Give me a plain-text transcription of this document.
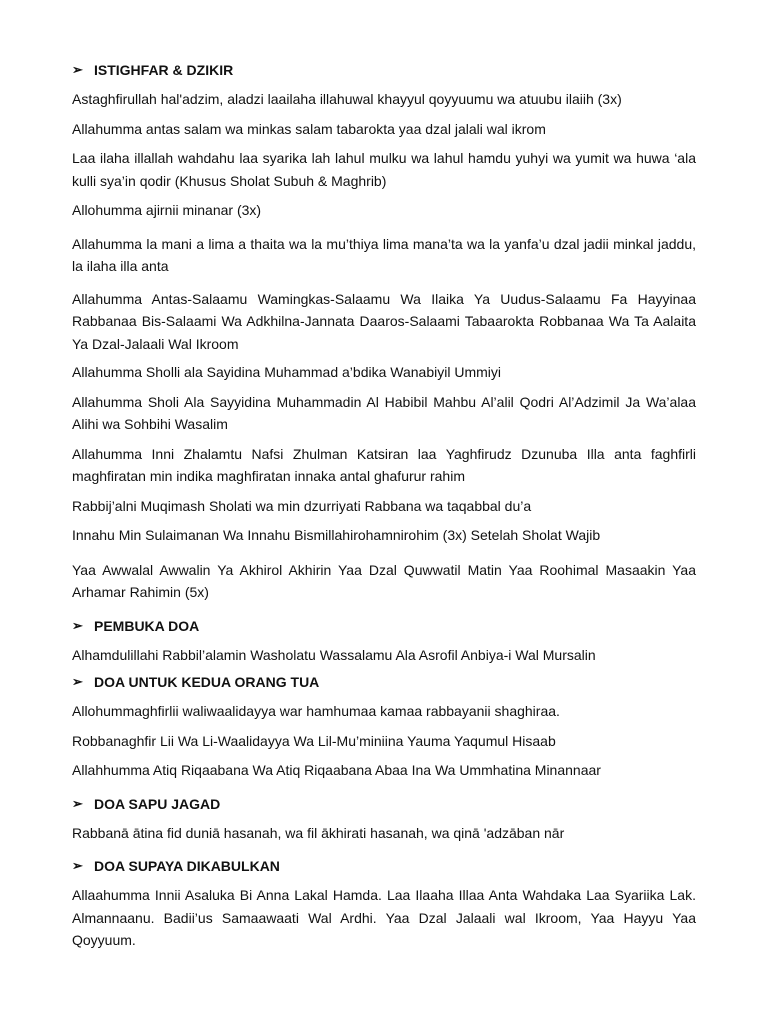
➢ ISTIGHFAR & DZIKIR

Astaghfirullah hal'adzim, aladzi laailaha illahuwal khayyul qoyyuumu wa atuubu ilaiih (3x)

Allahumma antas salam wa minkas salam tabarokta yaa dzal jalali wal ikrom

Laa ilaha illallah wahdahu laa syarika lah lahul mulku wa lahul hamdu yuhyi wa yumit wa huwa ‘ala kulli sya’in qodir (Khusus Sholat Subuh & Maghrib)

Allohumma ajirnii minanar (3x)

Allahumma la mani a lima a thaita wa la mu’thiya lima mana’ta wa la yanfa’u dzal jadii minkal jaddu, la ilaha illa anta

Allahumma Antas-Salaamu Wamingkas-Salaamu Wa Ilaika Ya Uudus-Salaamu Fa Hayyinaa Rabbanaa Bis-Salaami Wa Adkhilna-Jannata Daaros-Salaami Tabaarokta Robbanaa Wa Ta Aalaita Ya Dzal-Jalaali Wal Ikroom

Allahumma Sholli ala Sayidina Muhammad a’bdika Wanabiyil Ummiyi

Allahumma Sholi Ala Sayyidina Muhammadin Al Habibil Mahbu Al’alil Qodri Al’Adzimil Ja Wa’alaa Alihi wa Sohbihi Wasalim

Allahumma Inni Zhalamtu Nafsi Zhulman Katsiran laa Yaghfirudz Dzunuba Illa anta faghfirli maghfiratan min indika maghfiratan innaka antal ghafurur rahim

Rabbij’alni Muqimash Sholati wa min dzurriyati Rabbana wa taqabbal du’a

Innahu Min Sulaimanan Wa Innahu Bismillahirohamnirohim (3x) Setelah Sholat Wajib

Yaa Awwalal Awwalin Ya Akhirol Akhirin Yaa Dzal Quwwatil Matin Yaa Roohimal Masaakin Yaa Arhamar Rahimin (5x)

➢ PEMBUKA DOA

Alhamdulillahi Rabbil’alamin Washolatu Wassalamu Ala Asrofil Anbiya-i Wal Mursalin

➢ DOA UNTUK KEDUA ORANG TUA

Allohummaghfirlii waliwaalidayya war hamhumaa kamaa rabbayanii shaghiraa.

Robbanaghfir Lii Wa Li-Waalidayya Wa Lil-Mu’miniina Yauma Yaqumul Hisaab

Allahhumma Atiq Riqaabana Wa Atiq Riqaabana Abaa Ina Wa Ummhatina Minannaar

➢ DOA SAPU JAGAD

Rabbanā ātina fid duniā hasanah, wa fil ākhirati hasanah, wa qinā 'adzāban nār

➢ DOA SUPAYA DIKABULKAN

Allaahumma Innii Asaluka Bi Anna Lakal Hamda. Laa Ilaaha Illaa Anta Wahdaka Laa Syariika Lak. Almannaanu. Badii’us Samaawaati Wal Ardhi. Yaa Dzal Jalaali wal Ikroom, Yaa Hayyu Yaa Qoyyuum.
